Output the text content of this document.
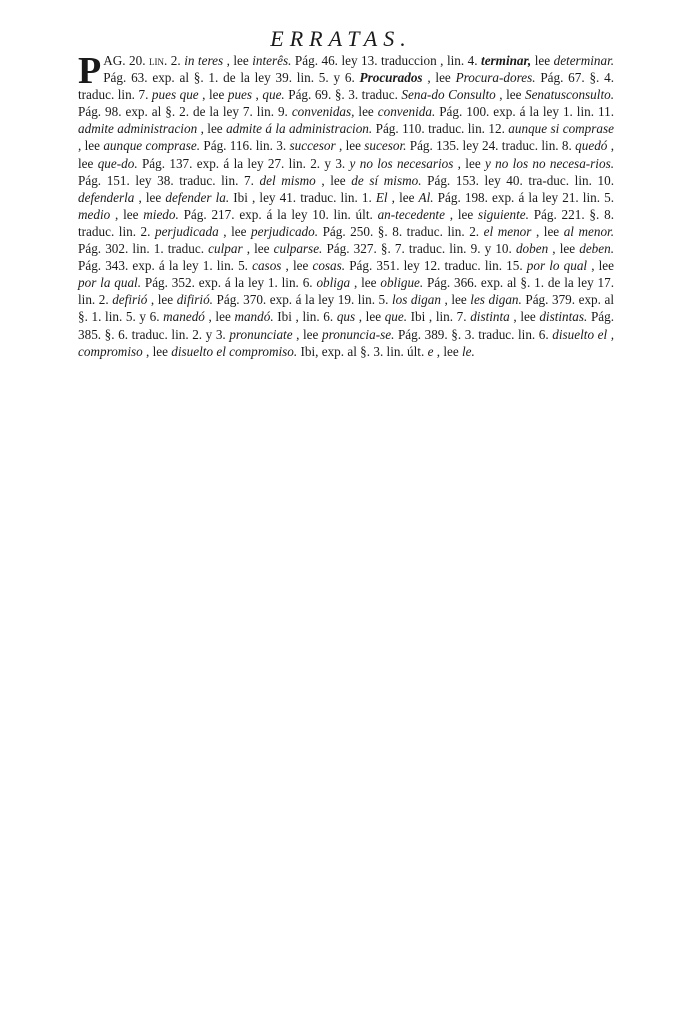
ERRATAS.

PAG. 20. lin. 2. in teres , lee interês. Pág. 46. ley 13. traduccion , lin. 4. terminar, lee determinar. Pág. 63. exp. al §. 1. de la ley 39. lin. 5. y 6. Procurados , lee Procura-dores. Pág. 67. §. 4. traduc. lin. 7. pues que , lee pues , que. Pág. 69. §. 3. traduc. Sena-do Consulto , lee Senatusconsulto. Pág. 98. exp. al §. 2. de la ley 7. lin. 9. convenidas, lee convenida. Pág. 100. exp. á la ley 1. lin. 11. admite administracion , lee admite á la administracion. Pág. 110. traduc. lin. 12. aunque si comprase , lee aunque comprase. Pág. 116. lin. 3. succesor , lee sucesor. Pág. 135. ley 24. traduc. lin. 8. quedó , lee que-do. Pág. 137. exp. á la ley 27. lin. 2. y 3. y no los necesarios , lee y no los no necesa-rios. Pág. 151. ley 38. traduc. lin. 7. del mismo , lee de sí mismo. Pág. 153. ley 40. tra-duc. lin. 10. defenderla , lee defender la. Ibi , ley 41. traduc. lin. 1. El , lee Al. Pág. 198. exp. á la ley 21. lin. 5. medio , lee miedo. Pág. 217. exp. á la ley 10. lin. últ. an-tecedente , lee siguiente. Pág. 221. §. 8. traduc. lin. 2. perjudicada , lee perjudicado. Pág. 250. §. 8. traduc. lin. 2. el menor , lee al menor. Pág. 302. lin. 1. traduc. culpar , lee culparse. Pág. 327. §. 7. traduc. lin. 9. y 10. doben , lee deben. Pág. 343. exp. á la ley 1. lin. 5. casos , lee cosas. Pág. 351. ley 12. traduc. lin. 15. por lo qual , lee por la qual. Pág. 352. exp. á la ley 1. lin. 6. obliga , lee obligue. Pág. 366. exp. al §. 1. de la ley 17. lin. 2. defirió , lee difirió. Pág. 370. exp. á la ley 19. lin. 5. los digan , lee les digan. Pág. 379. exp. al §. 1. lin. 5. y 6. manedó , lee mandó. Ibi , lin. 6. qus , lee que. Ibi , lin. 7. distinta , lee distintas. Pág. 385. §. 6. traduc. lin. 2. y 3. pronunciate , lee pronuncia-se. Pág. 389. §. 3. traduc. lin. 6. disuelto el , compromiso , lee disuelto el compromiso. Ibi, exp. al §. 3. lin. últ. e , lee le.
